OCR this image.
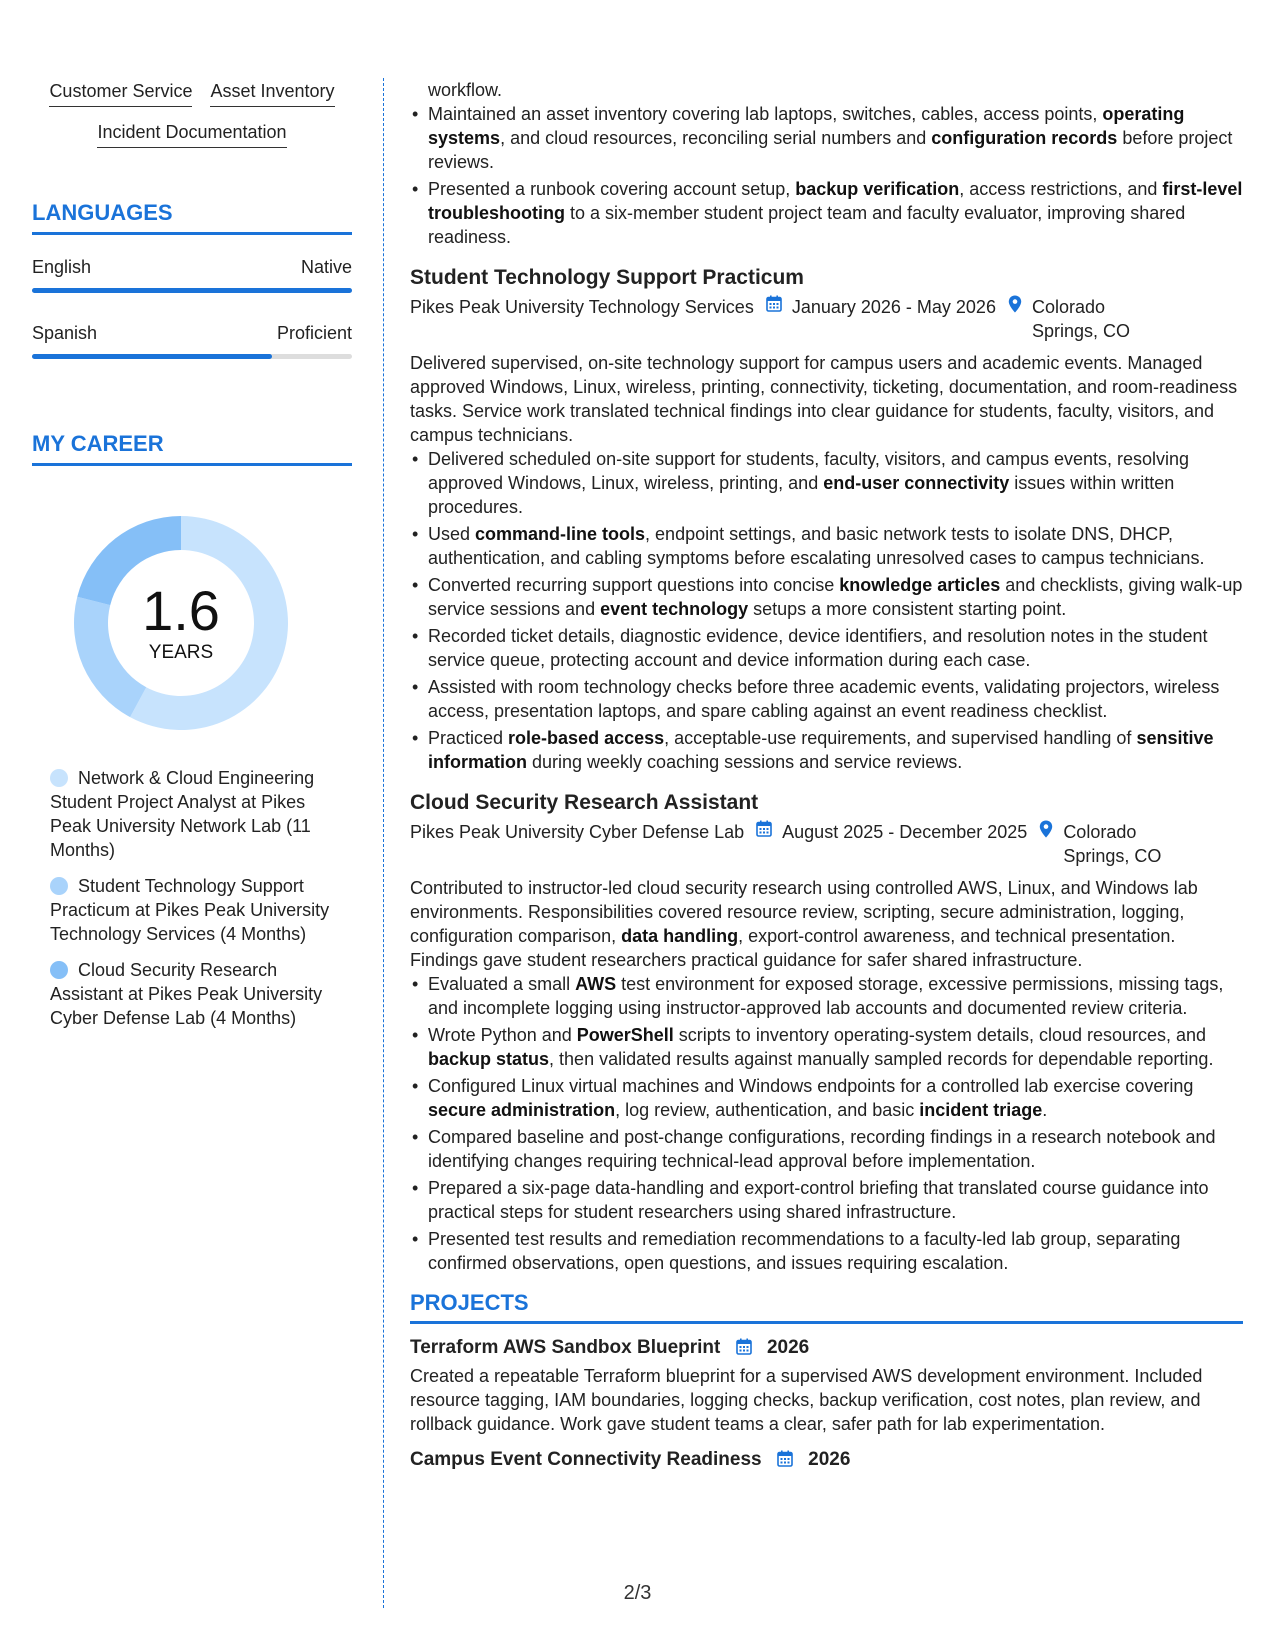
Customer Service Asset Inventory
Incident Documentation
LANGUAGES
English	Native
Spanish	Proficient
MY CAREER
1.6
YEARS
Network & Cloud Engineering Student Project Analyst at Pikes Peak University Network Lab (11 Months)
Student Technology Support Practicum at Pikes Peak University Technology Services (4 Months)
Cloud Security Research Assistant at Pikes Peak University Cyber Defense Lab (4 Months)
workflow.
• Maintained an asset inventory covering lab laptops, switches, cables, access points, operating systems, and cloud resources, reconciling serial numbers and configuration records before project reviews.
• Presented a runbook covering account setup, backup verification, access restrictions, and first-level troubleshooting to a six-member student project team and faculty evaluator, improving shared readiness.
Student Technology Support Practicum
Pikes Peak University Technology Services January 2026 - May 2026 Colorado Springs, CO
Delivered supervised, on-site technology support for campus users and academic events. Managed approved Windows, Linux, wireless, printing, connectivity, ticketing, documentation, and room-readiness tasks. Service work translated technical findings into clear guidance for students, faculty, visitors, and campus technicians.
• Delivered scheduled on-site support for students, faculty, visitors, and campus events, resolving approved Windows, Linux, wireless, printing, and end-user connectivity issues within written procedures.
• Used command-line tools, endpoint settings, and basic network tests to isolate DNS, DHCP, authentication, and cabling symptoms before escalating unresolved cases to campus technicians.
• Converted recurring support questions into concise knowledge articles and checklists, giving walk-up service sessions and event technology setups a more consistent starting point.
• Recorded ticket details, diagnostic evidence, device identifiers, and resolution notes in the student service queue, protecting account and device information during each case.
• Assisted with room technology checks before three academic events, validating projectors, wireless access, presentation laptops, and spare cabling against an event readiness checklist.
• Practiced role-based access, acceptable-use requirements, and supervised handling of sensitive information during weekly coaching sessions and service reviews.
Cloud Security Research Assistant
Pikes Peak University Cyber Defense Lab August 2025 - December 2025 Colorado Springs, CO
Contributed to instructor-led cloud security research using controlled AWS, Linux, and Windows lab environments. Responsibilities covered resource review, scripting, secure administration, logging, configuration comparison, data handling, export-control awareness, and technical presentation. Findings gave student researchers practical guidance for safer shared infrastructure.
• Evaluated a small AWS test environment for exposed storage, excessive permissions, missing tags, and incomplete logging using instructor-approved lab accounts and documented review criteria.
• Wrote Python and PowerShell scripts to inventory operating-system details, cloud resources, and backup status, then validated results against manually sampled records for dependable reporting.
• Configured Linux virtual machines and Windows endpoints for a controlled lab exercise covering secure administration, log review, authentication, and basic incident triage.
• Compared baseline and post-change configurations, recording findings in a research notebook and identifying changes requiring technical-lead approval before implementation.
• Prepared a six-page data-handling and export-control briefing that translated course guidance into practical steps for student researchers using shared infrastructure.
• Presented test results and remediation recommendations to a faculty-led lab group, separating confirmed observations, open questions, and issues requiring escalation.
PROJECTS
Terraform AWS Sandbox Blueprint 2026
Created a repeatable Terraform blueprint for a supervised AWS development environment. Included resource tagging, IAM boundaries, logging checks, backup verification, cost notes, plan review, and rollback guidance. Work gave student teams a clear, safer path for lab experimentation.
Campus Event Connectivity Readiness 2026
2/3
